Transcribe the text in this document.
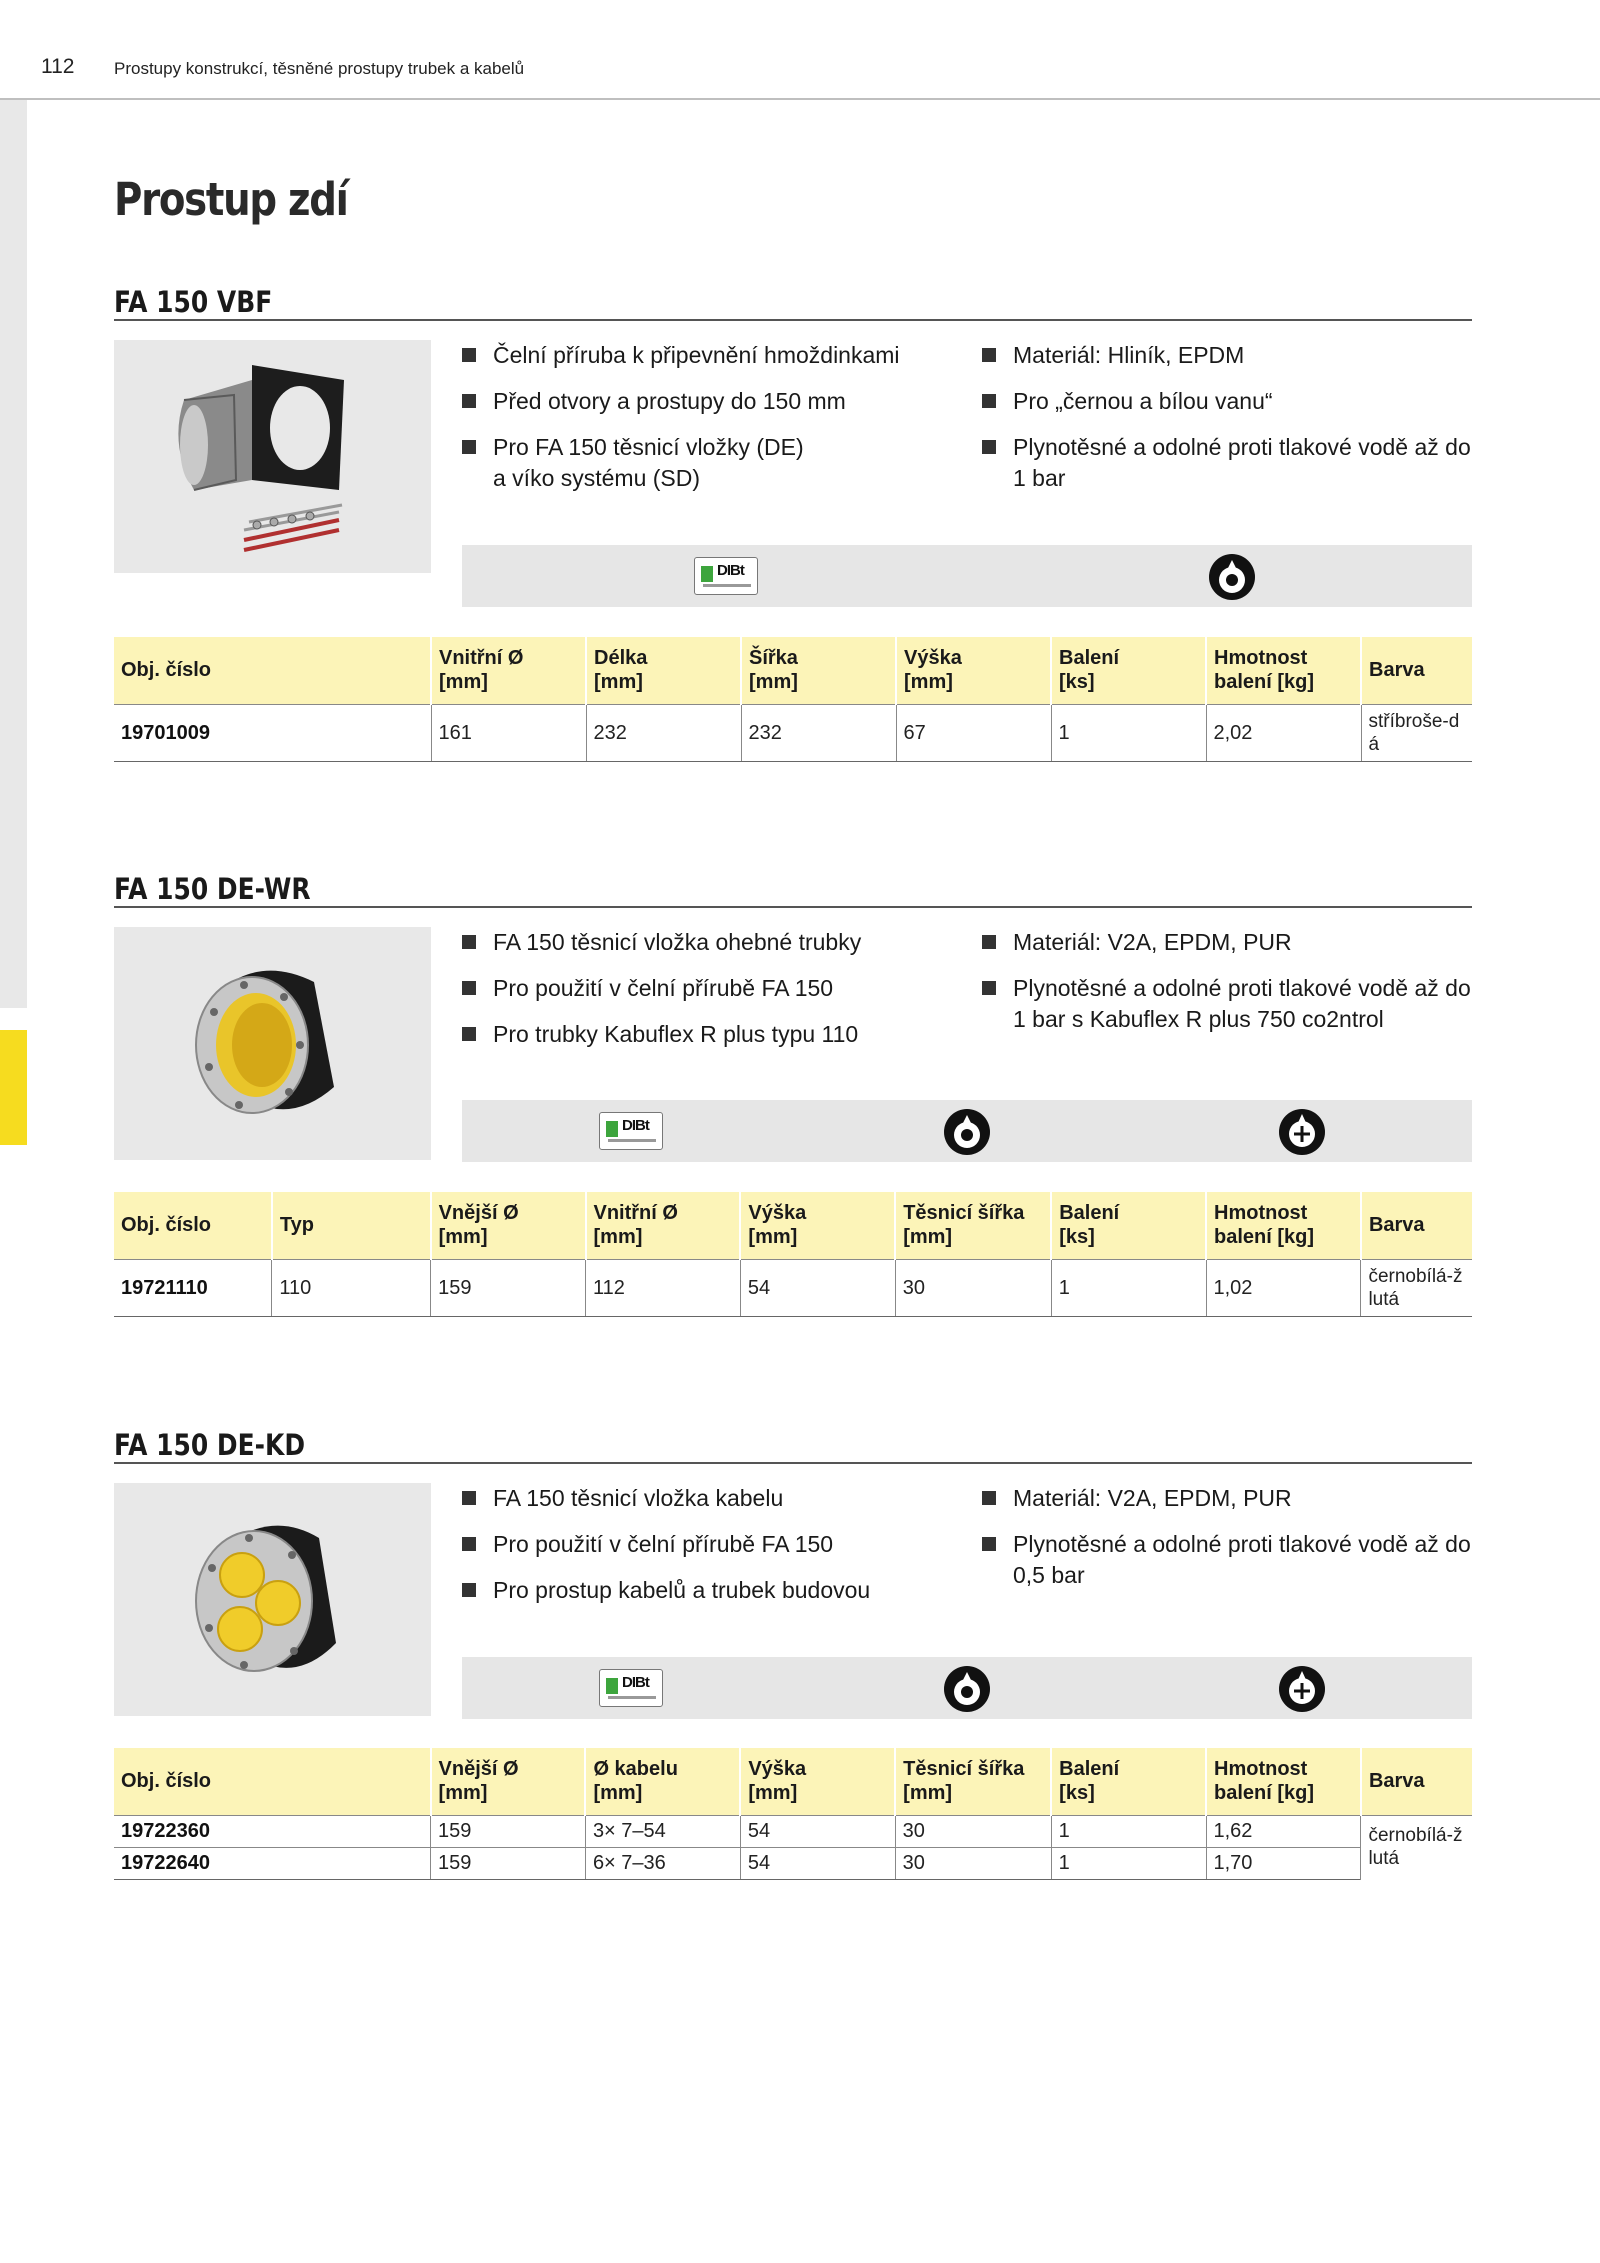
112 Prostupy konstrukcí, těsněné prostupy trubek a kabelů
Prostup zdí
FA 150 VBF
Čelní příruba k připevnění hmoždinkami
Před otvory a prostupy do 150 mm
Pro FA 150 těsnicí vložky (DE) a víko systému (SD)
Materiál: Hliník, EPDM
Pro „černou a bílou vanu“
Plynotěsné a odolné proti tlakové vodě až do 1 bar
DIBt
Obj. číslo	Vnitřní Ø [mm]	Délka [mm]	Šířka [mm]	Výška [mm]	Balení [ks]	Hmotnost balení [kg]	Barva
19701009	161	232	232	67	1	2,02	stříbroše-dá
FA 150 DE-WR
FA 150 těsnicí vložka ohebné trubky
Pro použití v čelní přírubě FA 150
Pro trubky Kabuflex R plus typu 110
Materiál: V2A, EPDM, PUR
Plynotěsné a odolné proti tlakové vodě až do 1 bar s Kabuflex R plus 750 co2ntrol
DIBt
Obj. číslo	Typ	Vnější Ø [mm]	Vnitřní Ø [mm]	Výška [mm]	Těsnicí šířka [mm]	Balení [ks]	Hmotnost balení [kg]	Barva
19721110	110	159	112	54	30	1	1,02	černobílá-žlutá
FA 150 DE-KD
FA 150 těsnicí vložka kabelu
Pro použití v čelní přírubě FA 150
Pro prostup kabelů a trubek budovou
Materiál: V2A, EPDM, PUR
Plynotěsné a odolné proti tlakové vodě až do 0,5 bar
DIBt
Obj. číslo	Vnější Ø [mm]	Ø kabelu [mm]	Výška [mm]	Těsnicí šířka [mm]	Balení [ks]	Hmotnost balení [kg]	Barva
19722360	159	3× 7–54	54	30	1	1,62	černobílá-žlutá
19722640	159	6× 7–36	54	30	1	1,70	
